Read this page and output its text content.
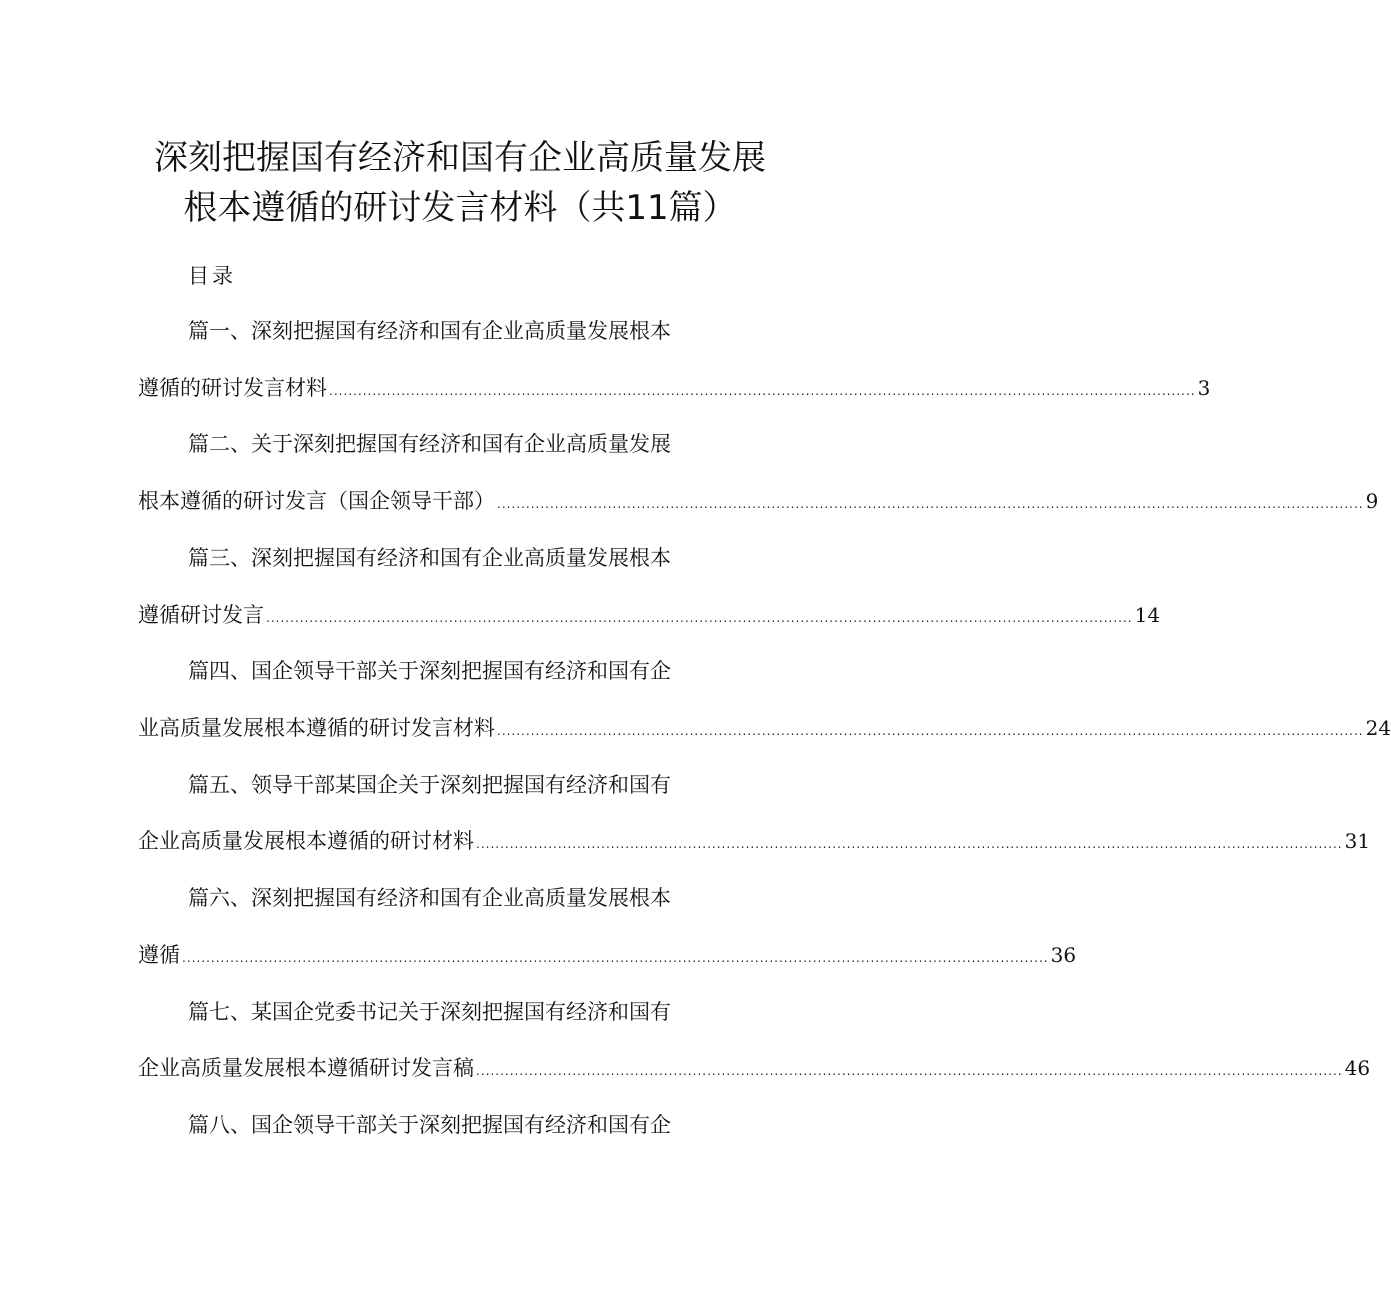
深刻把握国有经济和国有企业高质量发展
根本遵循的研讨发言材料（共11篇）
目录
篇一、深刻把握国有经济和国有企业高质量发展根本
遵循的研讨发言材料 .................................................................................................................................................................................... 3
篇二、关于深刻把握国有经济和国有企业高质量发展
根本遵循的研讨发言（国企领导干部） .................................................................................................................................................................................... 9
篇三、深刻把握国有经济和国有企业高质量发展根本
遵循研讨发言 .................................................................................................................................................................................... 14
篇四、国企领导干部关于深刻把握国有经济和国有企
业高质量发展根本遵循的研讨发言材料 .................................................................................................................................................................................... 24
篇五、领导干部某国企关于深刻把握国有经济和国有
企业高质量发展根本遵循的研讨材料 .................................................................................................................................................................................... 31
篇六、深刻把握国有经济和国有企业高质量发展根本
遵循 .................................................................................................................................................................................... 36
篇七、某国企党委书记关于深刻把握国有经济和国有
企业高质量发展根本遵循研讨发言稿 .................................................................................................................................................................................... 46
篇八、国企领导干部关于深刻把握国有经济和国有企
